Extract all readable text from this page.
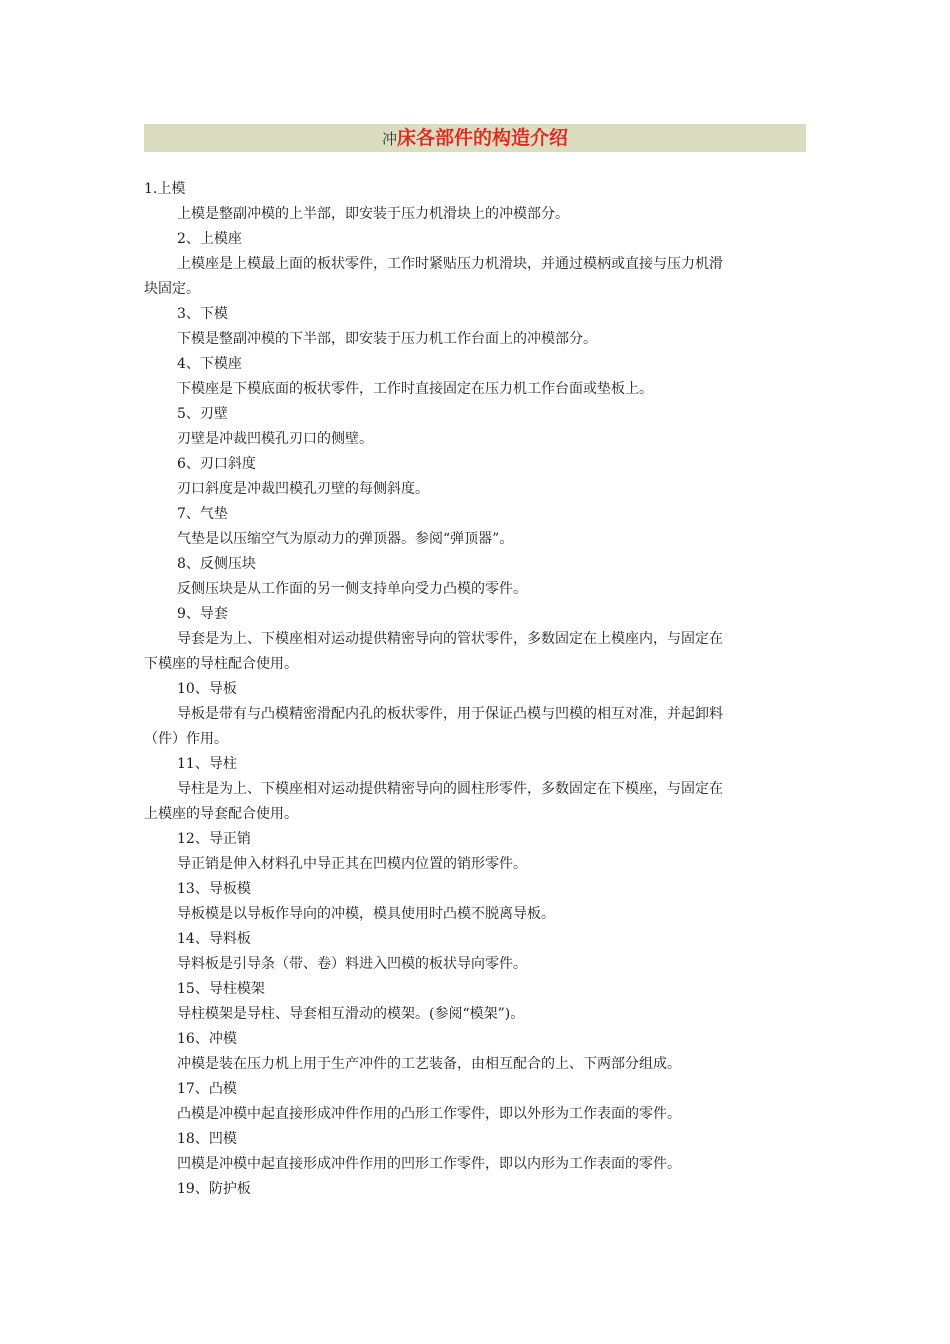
冲床各部件的构造介绍
1.上模
上模是整副冲模的上半部，即安装于压力机滑块上的冲模部分。
2、上模座
上模座是上模最上面的板状零件，工作时紧贴压力机滑块，并通过模柄或直接与压力机滑
块固定。
3、下模
下模是整副冲模的下半部，即安装于压力机工作台面上的冲模部分。
4、下模座
下模座是下模底面的板状零件，工作时直接固定在压力机工作台面或垫板上。
5、刃壁
刃壁是冲裁凹模孔刃口的侧壁。
6、刃口斜度
刃口斜度是冲裁凹模孔刃壁的每侧斜度。
7、气垫
气垫是以压缩空气为原动力的弹顶器。参阅“弹顶器”。
8、反侧压块
反侧压块是从工作面的另一侧支持单向受力凸模的零件。
9、导套
导套是为上、下模座相对运动提供精密导向的管状零件，多数固定在上模座内，与固定在
下模座的导柱配合使用。
10、导板
导板是带有与凸模精密滑配内孔的板状零件，用于保证凸模与凹模的相互对准，并起卸料
（件）作用。
11、导柱
导柱是为上、下模座相对运动提供精密导向的圆柱形零件，多数固定在下模座，与固定在
上模座的导套配合使用。
12、导正销
导正销是伸入材料孔中导正其在凹模内位置的销形零件。
13、导板模
导板模是以导板作导向的冲模，模具使用时凸模不脱离导板。
14、导料板
导料板是引导条（带、卷）料进入凹模的板状导向零件。
15、导柱模架
导柱模架是导柱、导套相互滑动的模架。(参阅“模架”)。
16、冲模
冲模是装在压力机上用于生产冲件的工艺装备，由相互配合的上、下两部分组成。
17、凸模
凸模是冲模中起直接形成冲件作用的凸形工作零件，即以外形为工作表面的零件。
18、凹模
凹模是冲模中起直接形成冲件作用的凹形工作零件，即以内形为工作表面的零件。
19、防护板
